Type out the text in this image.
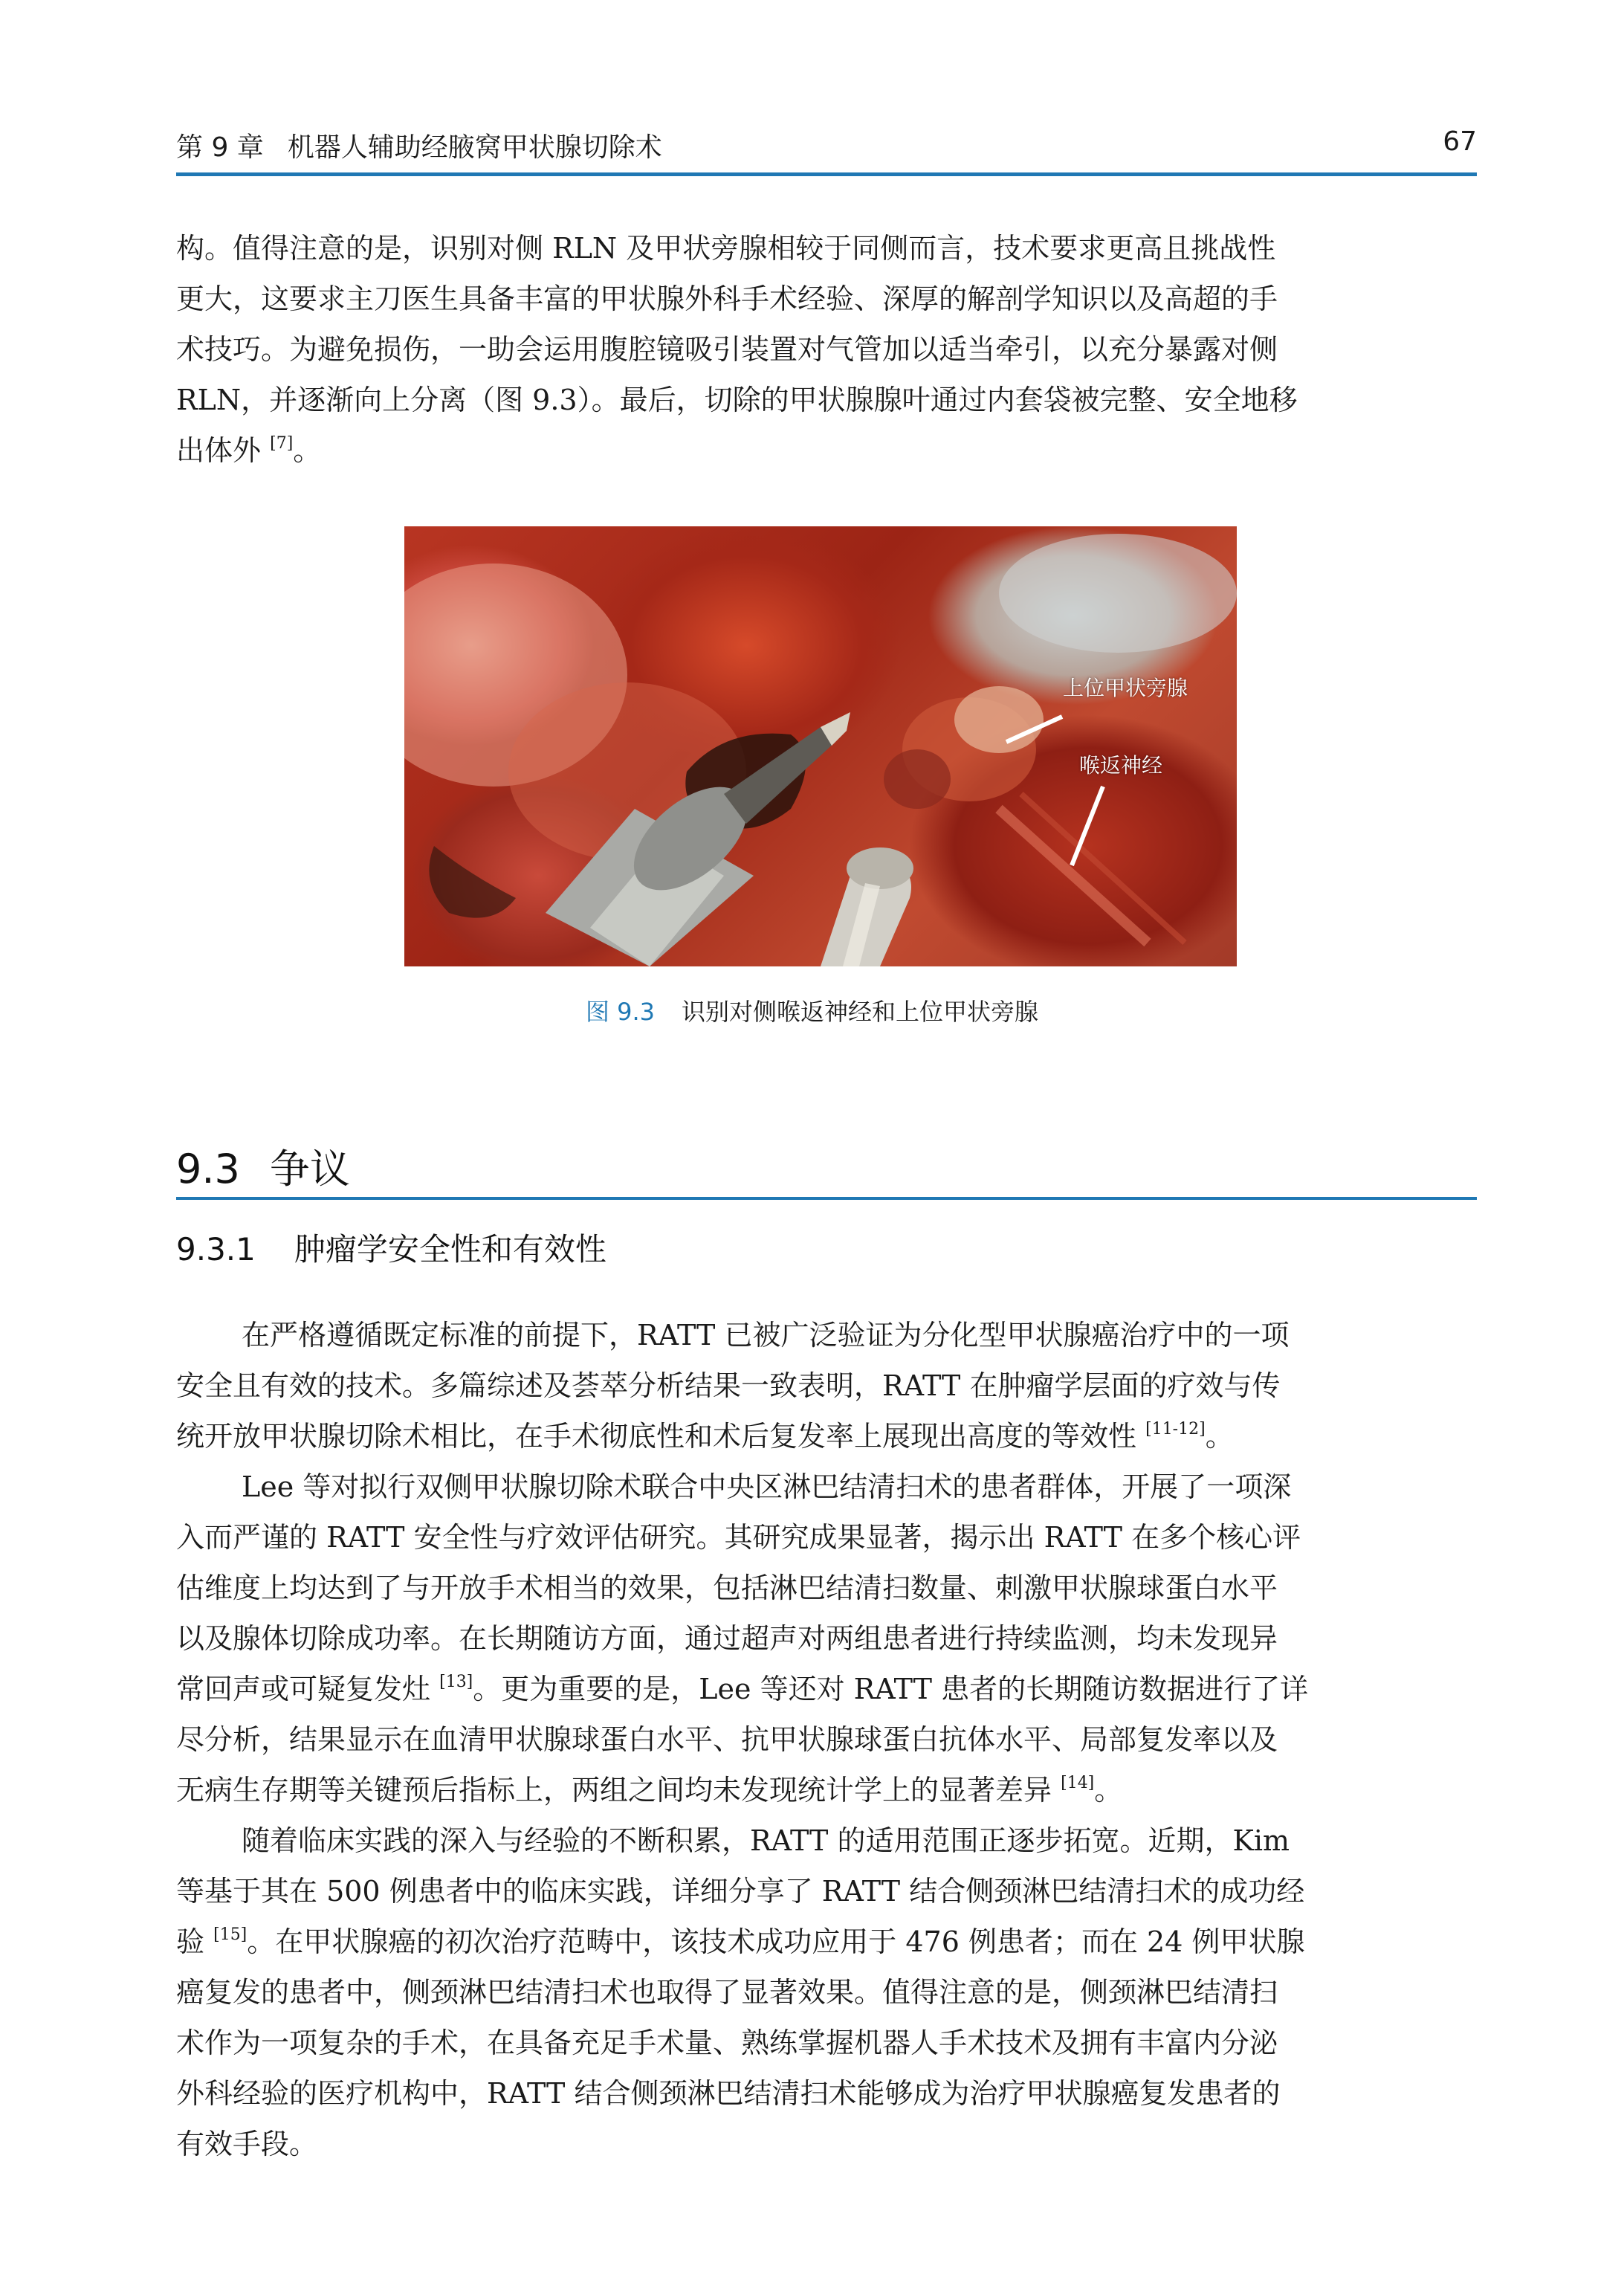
第 9 章 机器人辅助经腋窝甲状腺切除术	67

构。值得注意的是，识别对侧 RLN 及甲状旁腺相较于同侧而言，技术要求更高且挑战性
更大，这要求主刀医生具备丰富的甲状腺外科手术经验、深厚的解剖学知识以及高超的手
术技巧。为避免损伤，一助会运用腹腔镜吸引装置对气管加以适当牵引，以充分暴露对侧
RLN，并逐渐向上分离（图 9.3）。最后，切除的甲状腺腺叶通过内套袋被完整、安全地移
出体外 [7]。

上位甲状旁腺
喉返神经
图 9.3 识别对侧喉返神经和上位甲状旁腺
9.3 争议
9.3.1 肿瘤学安全性和有效性

在严格遵循既定标准的前提下，RATT 已被广泛验证为分化型甲状腺癌治疗中的一项
安全且有效的技术。多篇综述及荟萃分析结果一致表明，RATT 在肿瘤学层面的疗效与传
统开放甲状腺切除术相比，在手术彻底性和术后复发率上展现出高度的等效性 [11-12]。

Lee 等对拟行双侧甲状腺切除术联合中央区淋巴结清扫术的患者群体，开展了一项深
入而严谨的 RATT 安全性与疗效评估研究。其研究成果显著，揭示出 RATT 在多个核心评
估维度上均达到了与开放手术相当的效果，包括淋巴结清扫数量、刺激甲状腺球蛋白水平
以及腺体切除成功率。在长期随访方面，通过超声对两组患者进行持续监测，均未发现异
常回声或可疑复发灶 [13]。更为重要的是，Lee 等还对 RATT 患者的长期随访数据进行了详
尽分析，结果显示在血清甲状腺球蛋白水平、抗甲状腺球蛋白抗体水平、局部复发率以及
无病生存期等关键预后指标上，两组之间均未发现统计学上的显著差异 [14]。

随着临床实践的深入与经验的不断积累，RATT 的适用范围正逐步拓宽。近期，Kim
等基于其在 500 例患者中的临床实践，详细分享了 RATT 结合侧颈淋巴结清扫术的成功经
验 [15]。在甲状腺癌的初次治疗范畴中，该技术成功应用于 476 例患者；而在 24 例甲状腺
癌复发的患者中，侧颈淋巴结清扫术也取得了显著效果。值得注意的是，侧颈淋巴结清扫
术作为一项复杂的手术，在具备充足手术量、熟练掌握机器人手术技术及拥有丰富内分泌
外科经验的医疗机构中，RATT 结合侧颈淋巴结清扫术能够成为治疗甲状腺癌复发患者的
有效手段。
